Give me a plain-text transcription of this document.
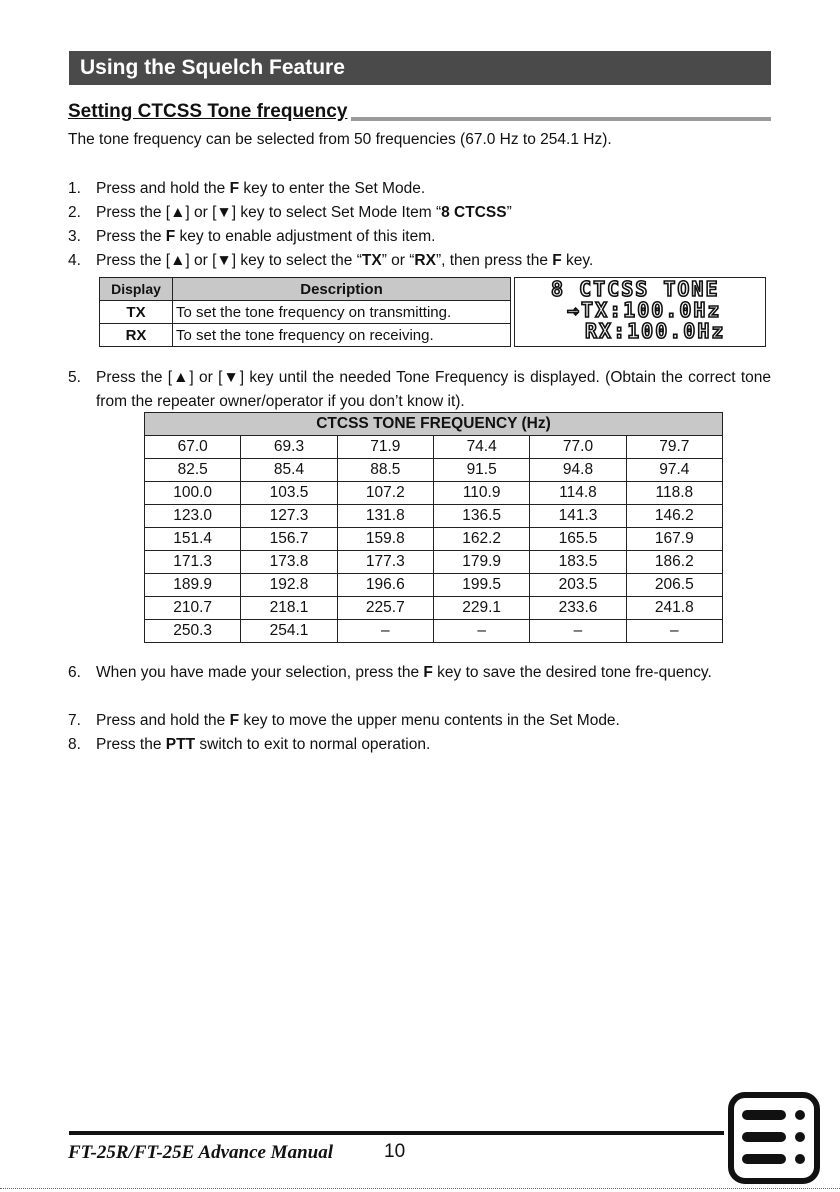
Using the Squelch Feature
Setting CTCSS Tone frequency
The tone frequency can be selected from 50 frequencies (67.0 Hz to 254.1 Hz).
1. Press and hold the F key to enter the Set Mode.
2. Press the [▲] or [▼] key to select Set Mode Item “8 CTCSS”
3. Press the F key to enable adjustment of this item.
4. Press the [▲] or [▼] key to select the “TX” or “RX”, then press the F key.
Display	Description
TX	To set the tone frequency on transmitting.
RX	To set the tone frequency on receiving.
8 CTCSS TONE
→TX:100.0Hz
RX:100.0Hz
5. Press the [▲] or [▼] key until the needed Tone Frequency is displayed. (Obtain the correct tone from the repeater owner/operator if you don’t know it).
CTCSS TONE FREQUENCY (Hz)					
67.0	69.3	71.9	74.4	77.0	79.7
82.5	85.4	88.5	91.5	94.8	97.4
100.0	103.5	107.2	110.9	114.8	118.8
123.0	127.3	131.8	136.5	141.3	146.2
151.4	156.7	159.8	162.2	165.5	167.9
171.3	173.8	177.3	179.9	183.5	186.2
189.9	192.8	196.6	199.5	203.5	206.5
210.7	218.1	225.7	229.1	233.6	241.8
250.3	254.1	–	–	–	–
6. When you have made your selection, press the F key to save the desired tone fre-quency.
7. Press and hold the F key to move the upper menu contents in the Set Mode.
8. Press the PTT switch to exit to normal operation.
FT-25R/FT-25E Advance Manual	10
